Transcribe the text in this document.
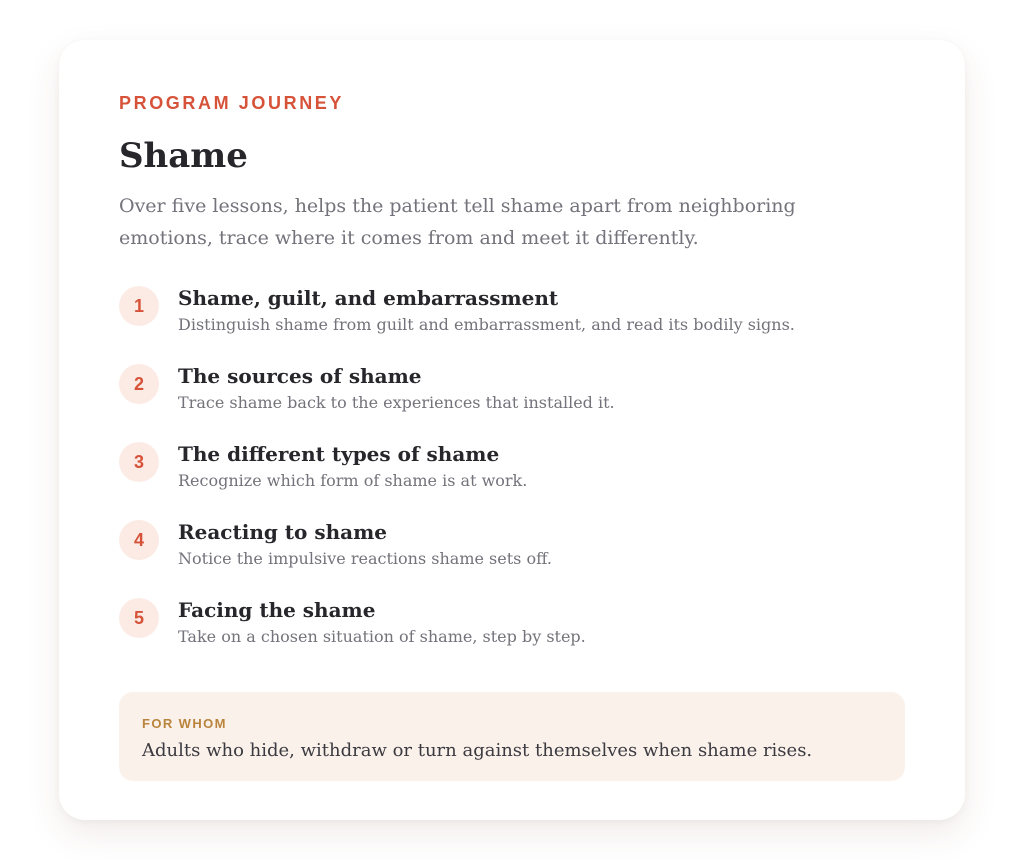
PROGRAM JOURNEY

Shame

Over five lessons, helps the patient tell shame apart from neighboring emotions, trace where it comes from and meet it differently.

1	Shame, guilt, and embarrassment
Distinguish shame from guilt and embarrassment, and read its bodily signs.
2	The sources of shame
Trace shame back to the experiences that installed it.
3	The different types of shame
Recognize which form of shame is at work.
4	Reacting to shame
Notice the impulsive reactions shame sets off.
5	Facing the shame
Take on a chosen situation of shame, step by step.
FOR WHOM
Adults who hide, withdraw or turn against themselves when shame rises.
